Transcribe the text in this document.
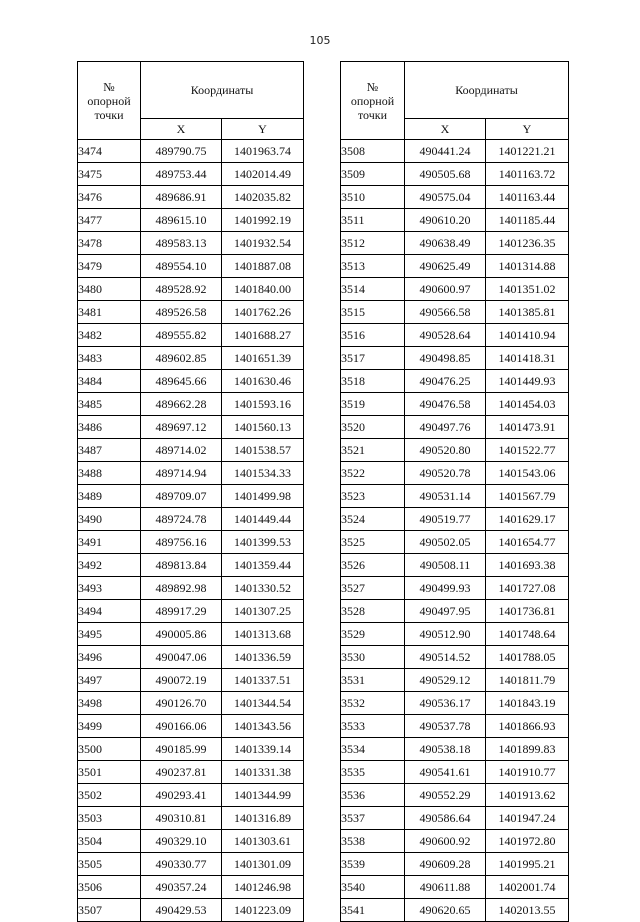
105
№
опорной
точки	Координаты	
	X	Y
3474	489790.75	1401963.74
3475	489753.44	1402014.49
3476	489686.91	1402035.82
3477	489615.10	1401992.19
3478	489583.13	1401932.54
3479	489554.10	1401887.08
3480	489528.92	1401840.00
3481	489526.58	1401762.26
3482	489555.82	1401688.27
3483	489602.85	1401651.39
3484	489645.66	1401630.46
3485	489662.28	1401593.16
3486	489697.12	1401560.13
3487	489714.02	1401538.57
3488	489714.94	1401534.33
3489	489709.07	1401499.98
3490	489724.78	1401449.44
3491	489756.16	1401399.53
3492	489813.84	1401359.44
3493	489892.98	1401330.52
3494	489917.29	1401307.25
3495	490005.86	1401313.68
3496	490047.06	1401336.59
3497	490072.19	1401337.51
3498	490126.70	1401344.54
3499	490166.06	1401343.56
3500	490185.99	1401339.14
3501	490237.81	1401331.38
3502	490293.41	1401344.99
3503	490310.81	1401316.89
3504	490329.10	1401303.61
3505	490330.77	1401301.09
3506	490357.24	1401246.98
3507	490429.53	1401223.09
№
опорной
точки	Координаты	
	X	Y
3508	490441.24	1401221.21
3509	490505.68	1401163.72
3510	490575.04	1401163.44
3511	490610.20	1401185.44
3512	490638.49	1401236.35
3513	490625.49	1401314.88
3514	490600.97	1401351.02
3515	490566.58	1401385.81
3516	490528.64	1401410.94
3517	490498.85	1401418.31
3518	490476.25	1401449.93
3519	490476.58	1401454.03
3520	490497.76	1401473.91
3521	490520.80	1401522.77
3522	490520.78	1401543.06
3523	490531.14	1401567.79
3524	490519.77	1401629.17
3525	490502.05	1401654.77
3526	490508.11	1401693.38
3527	490499.93	1401727.08
3528	490497.95	1401736.81
3529	490512.90	1401748.64
3530	490514.52	1401788.05
3531	490529.12	1401811.79
3532	490536.17	1401843.19
3533	490537.78	1401866.93
3534	490538.18	1401899.83
3535	490541.61	1401910.77
3536	490552.29	1401913.62
3537	490586.64	1401947.24
3538	490600.92	1401972.80
3539	490609.28	1401995.21
3540	490611.88	1402001.74
3541	490620.65	1402013.55
